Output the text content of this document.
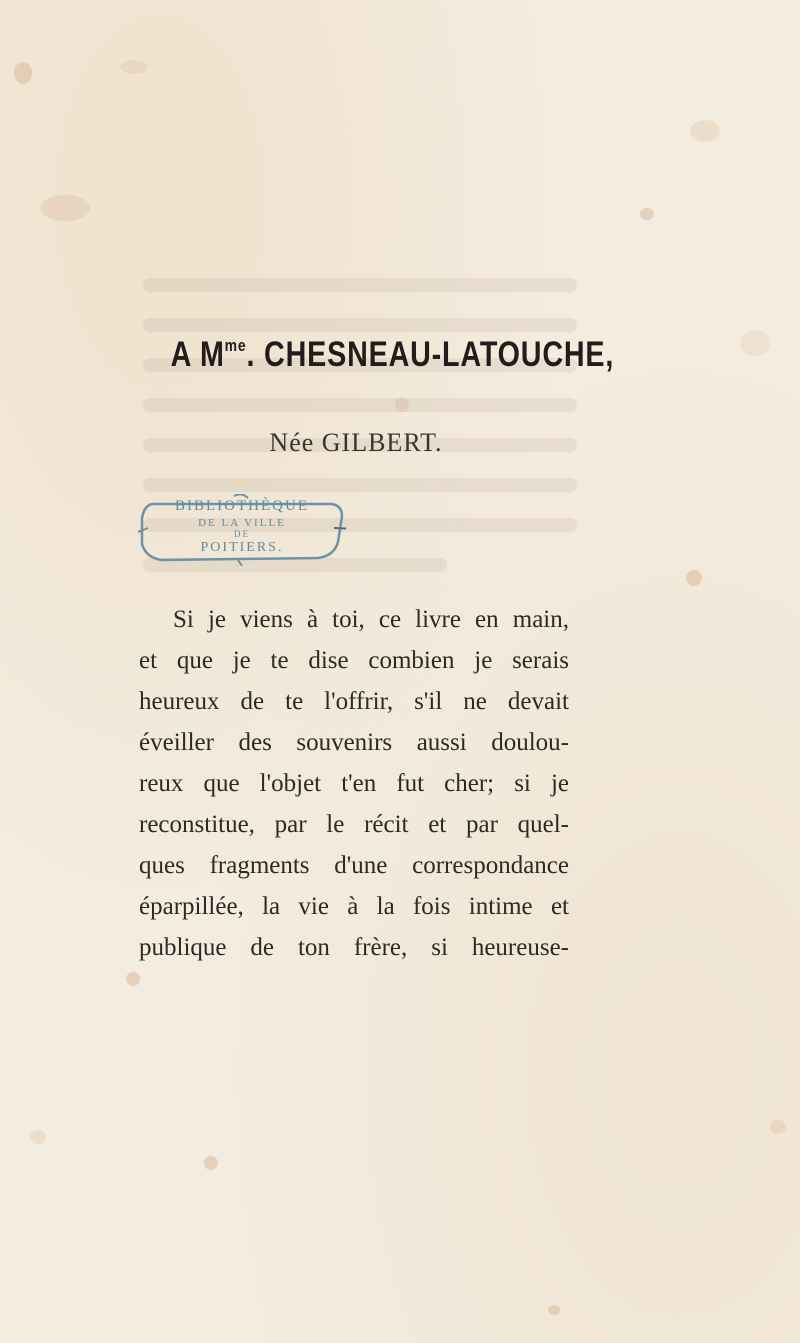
A $M^{me}$. CHESNEAU-LATOUCHE,
Née GILBERT.
BIBLIOTHÈQUE
DE LA VILLE
DE
POITIERS.
Si je viens à toi, ce livre en main,
et que je te dise combien je serais
heureux de te l'offrir, s'il ne devait
éveiller des souvenirs aussi doulou-
reux que l'objet t'en fut cher; si je
reconstitue, par le récit et par quel-
ques fragments d'une correspondance
éparpillée, la vie à la fois intime et
publique de ton frère, si heureuse-
